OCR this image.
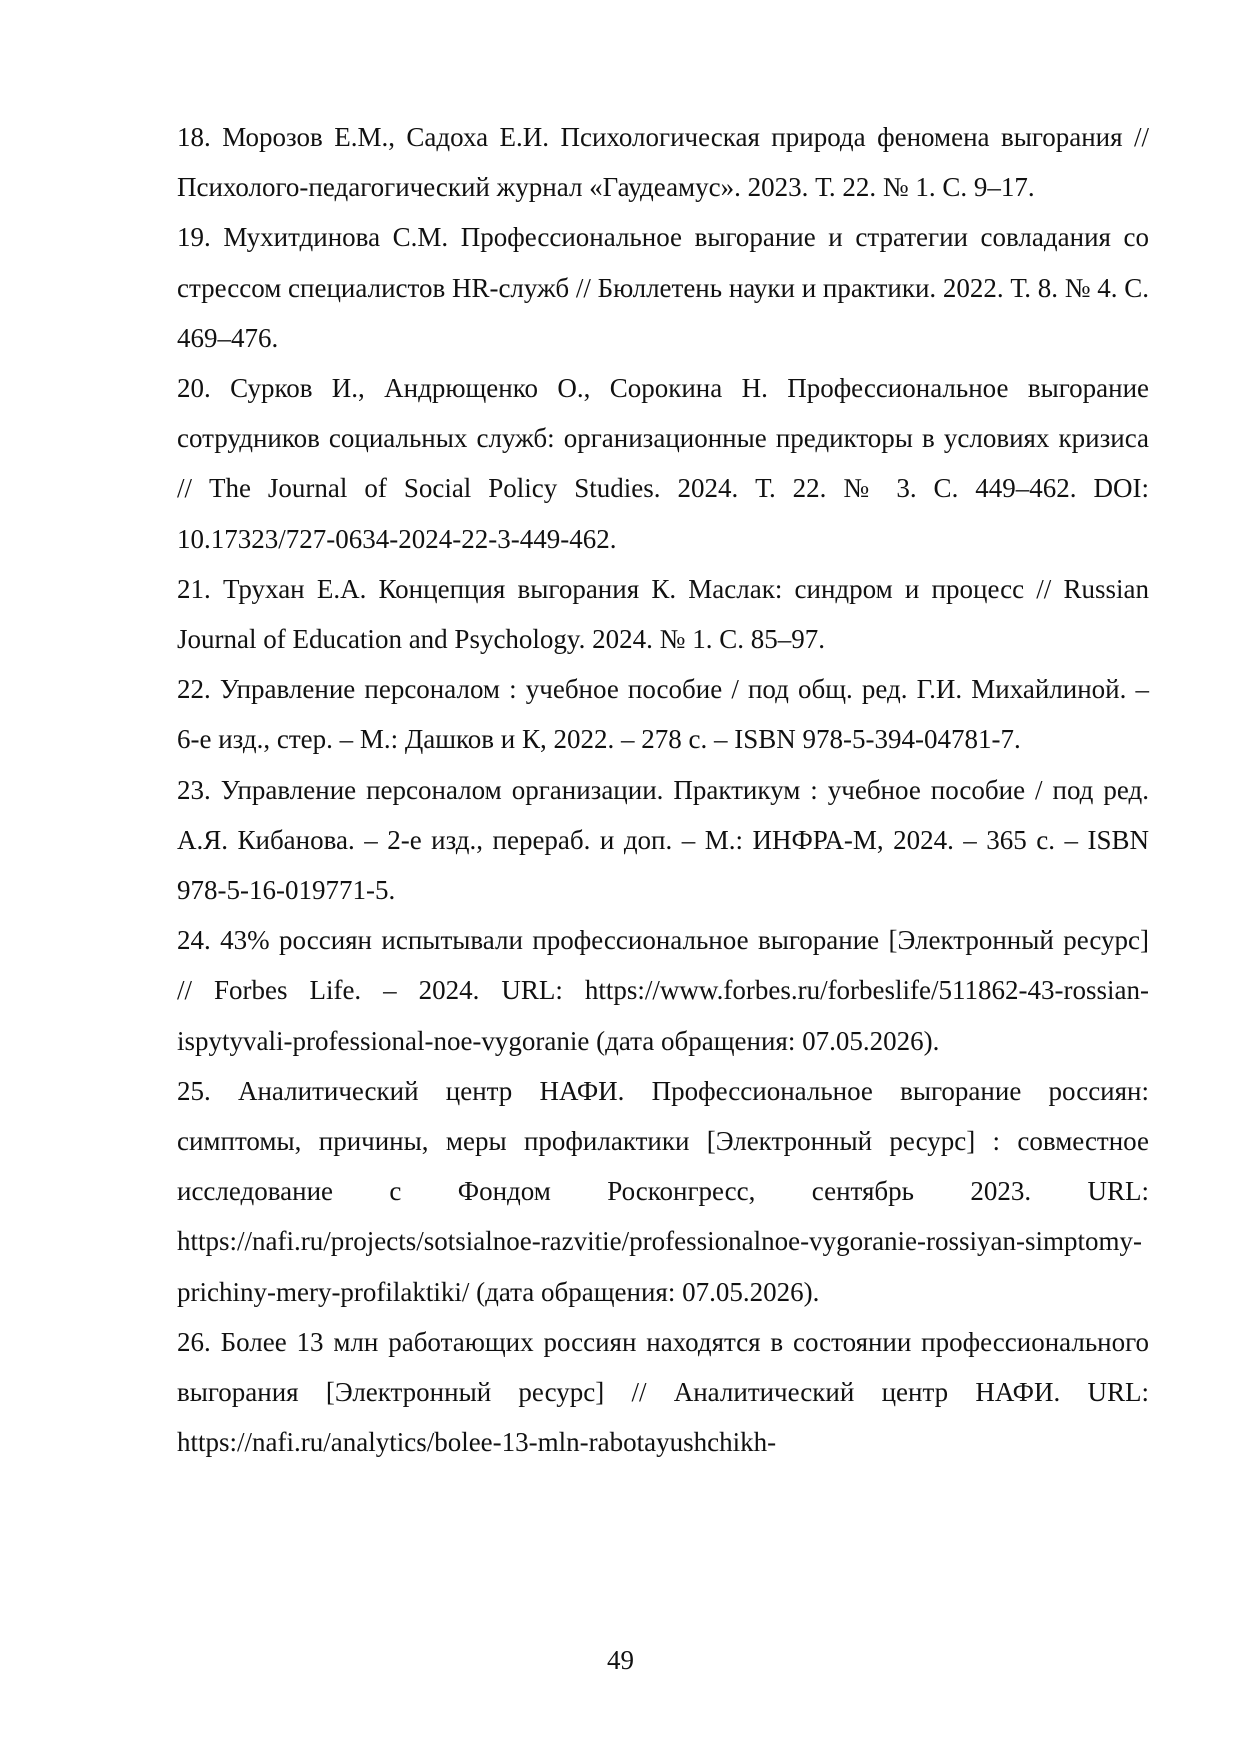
18. Морозов Е.М., Садоха Е.И. Психологическая природа феномена выгорания // Психолого-педагогический журнал «Гаудеамус». 2023. Т. 22. № 1. С. 9–17.

19. Мухитдинова С.М. Профессиональное выгорание и стратегии совладания со стрессом специалистов HR-служб // Бюллетень науки и практики. 2022. Т. 8. № 4. С. 469–476.

20. Сурков И., Андрющенко О., Сорокина Н. Профессиональное выгорание сотрудников социальных служб: организационные предикторы в условиях кризиса // The Journal of Social Policy Studies. 2024. Т. 22. № 3. С. 449–462. DOI: 10.17323/727-0634-2024-22-3-449-462.

21. Трухан Е.А. Концепция выгорания К. Маслак: синдром и процесс // Russian Journal of Education and Psychology. 2024. № 1. С. 85–97.

22. Управление персоналом : учебное пособие / под общ. ред. Г.И. Михайлиной. – 6-е изд., стер. – М.: Дашков и К, 2022. – 278 с. – ISBN 978-5-394-04781-7.

23. Управление персоналом организации. Практикум : учебное пособие / под ред. А.Я. Кибанова. – 2-е изд., перераб. и доп. – М.: ИНФРА-М, 2024. – 365 с. – ISBN 978-5-16-019771-5.

24. 43% россиян испытывали профессиональное выгорание [Электронный ресурс] // Forbes Life. – 2024. URL: https://www.forbes.ru/forbeslife/511862-43-rossian-ispytyvali-professional-noe-vygoranie (дата обращения: 07.05.2026).

25. Аналитический центр НАФИ. Профессиональное выгорание россиян: симптомы, причины, меры профилактики [Электронный ресурс] : совместное исследование с Фондом Росконгресс, сентябрь 2023. URL: https://nafi.ru/projects/sotsialnoe-razvitie/professionalnoe-vygoranie-rossiyan-simptomy-prichiny-mery-profilaktiki/ (дата обращения: 07.05.2026).

26. Более 13 млн работающих россиян находятся в состоянии профессионального выгорания [Электронный ресурс] // Аналитический центр НАФИ. URL: https://nafi.ru/analytics/bolee-13-mln-rabotayushchikh-

49
